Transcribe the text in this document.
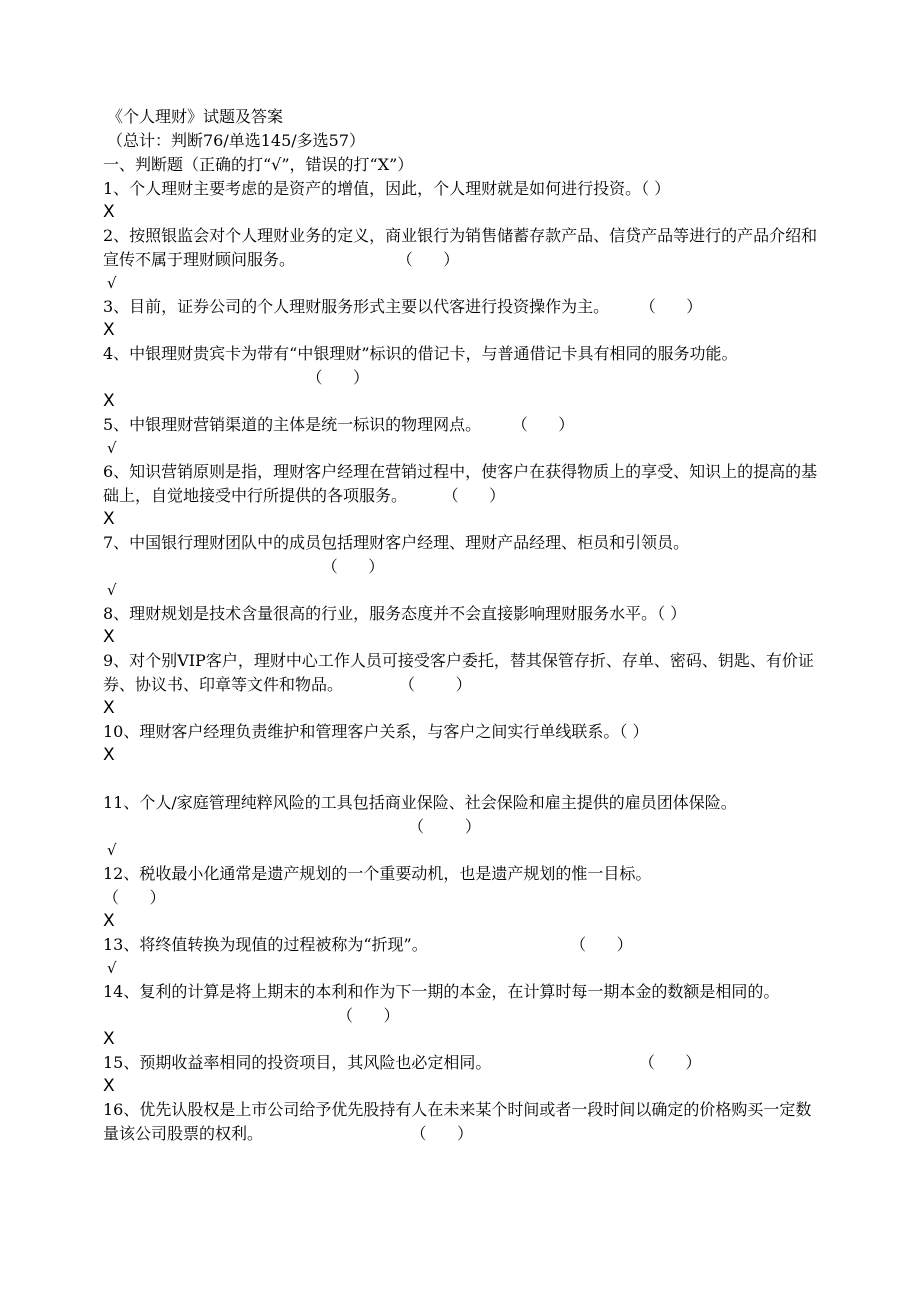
《个人理财》试题及答案
（总计：判断76/单选145/多选57）
一、判断题（正确的打“√”，错误的打“X”）
1、个人理财主要考虑的是资产的增值，因此，个人理财就是如何进行投资。（ ）
X
2、按照银监会对个人理财业务的定义，商业银行为销售储蓄存款产品、信贷产品等进行的产品介绍和宣传不属于理财顾问服务。                    （      ）
√
3、目前，证券公司的个人理财服务形式主要以代客进行投资操作为主。      （      ）
X
4、中银理财贵宾卡为带有“中银理财”标识的借记卡，与普通借记卡具有相同的服务功能。                                        （      ）
X
5、中银理财营销渠道的主体是统一标识的物理网点。      （      ）
√
6、知识营销原则是指，理财客户经理在营销过程中，使客户在获得物质上的享受、知识上的提高的基础上，自觉地接受中行所提供的各项服务。       （      ）
X
7、中国银行理财团队中的成员包括理财客户经理、理财产品经理、柜员和引领员。                                           （      ）
√
8、理财规划是技术含量很高的行业，服务态度并不会直接影响理财服务水平。（ ）
X
9、对个别VIP客户，理财中心工作人员可接受客户委托，替其保管存折、存单、密码、钥匙、有价证券、协议书、印章等文件和物品。           （        ）
X
10、理财客户经理负责维护和管理客户关系，与客户之间实行单线联系。（ ）
X
11、个人/家庭管理纯粹风险的工具包括商业保险、社会保险和雇主提供的雇员团体保险。                                                            （        ）
√
12、税收最小化通常是遗产规划的一个重要动机，也是遗产规划的惟一目标。
（      ）
X
13、将终值转换为现值的过程被称为“折现”。                            （      ）
√
14、复利的计算是将上期末的本利和作为下一期的本金，在计算时每一期本金的数额是相同的。                                              （      ）
X
15、预期收益率相同的投资项目，其风险也必定相同。                             （      ）
X
16、优先认股权是上市公司给予优先股持有人在未来某个时间或者一段时间以确定的价格购买一定数量该公司股票的权利。                             （      ）
